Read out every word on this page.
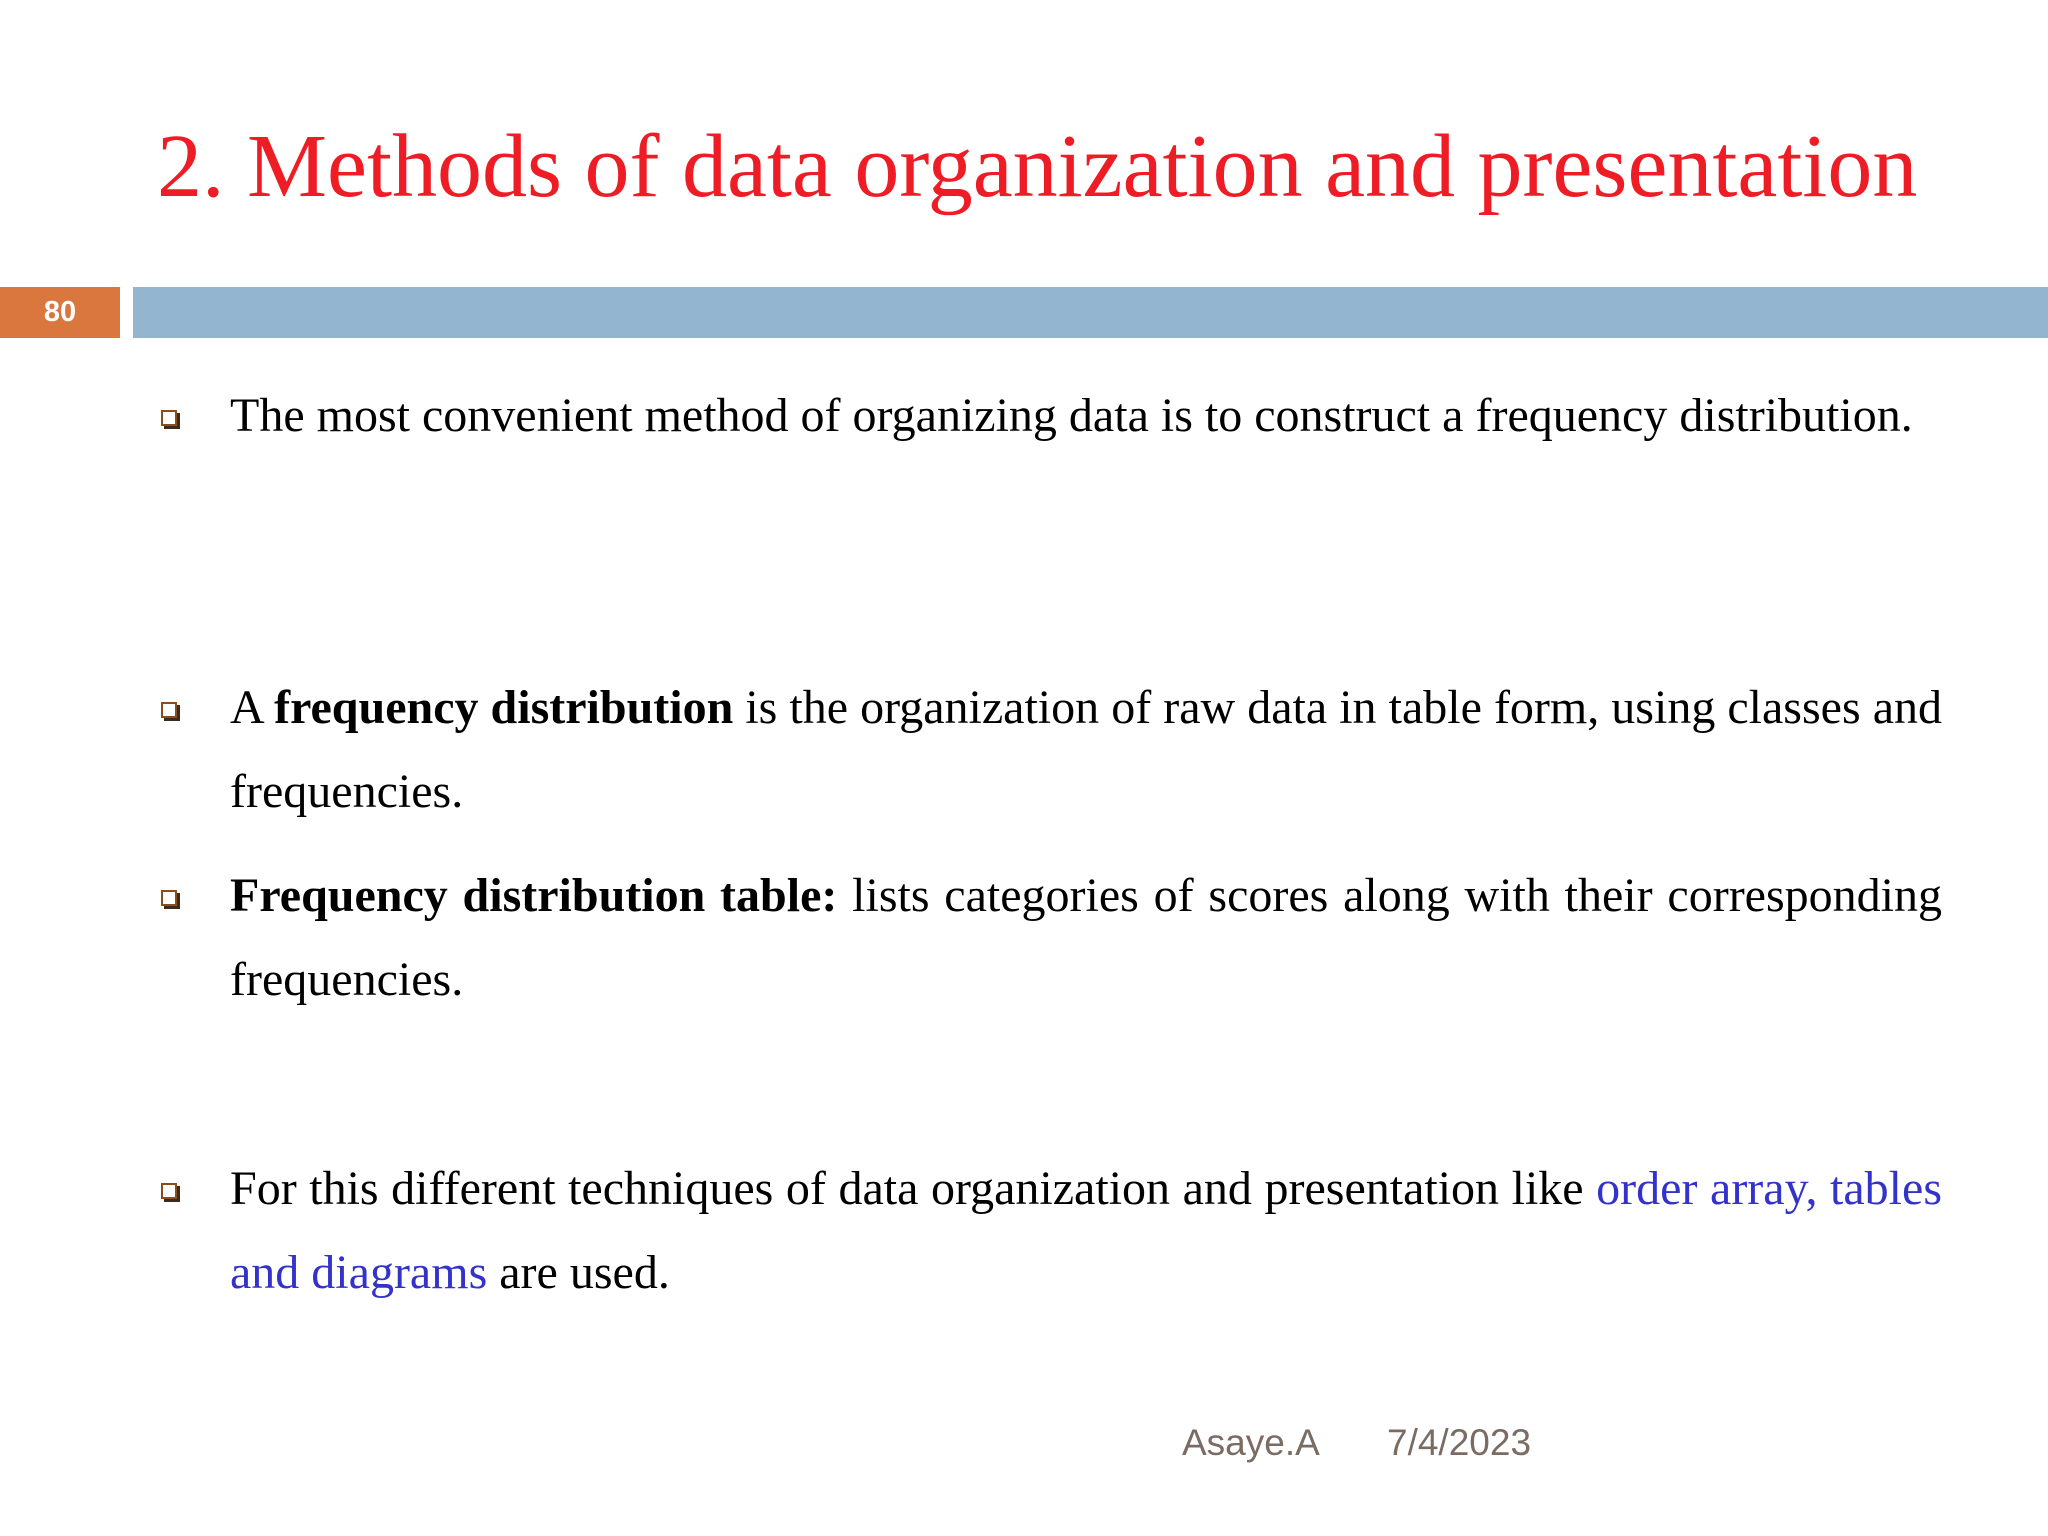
2. Methods of data organization and presentation
80
The most convenient method of organizing data is to construct a frequency distribution.
A frequency distribution is the organization of raw data in table form, using classes and frequencies.
Frequency distribution table: lists categories of scores along with their corresponding frequencies.
For this different techniques of data organization and presentation like order array, tables and diagrams are used.
Asaye.A 7/4/2023
